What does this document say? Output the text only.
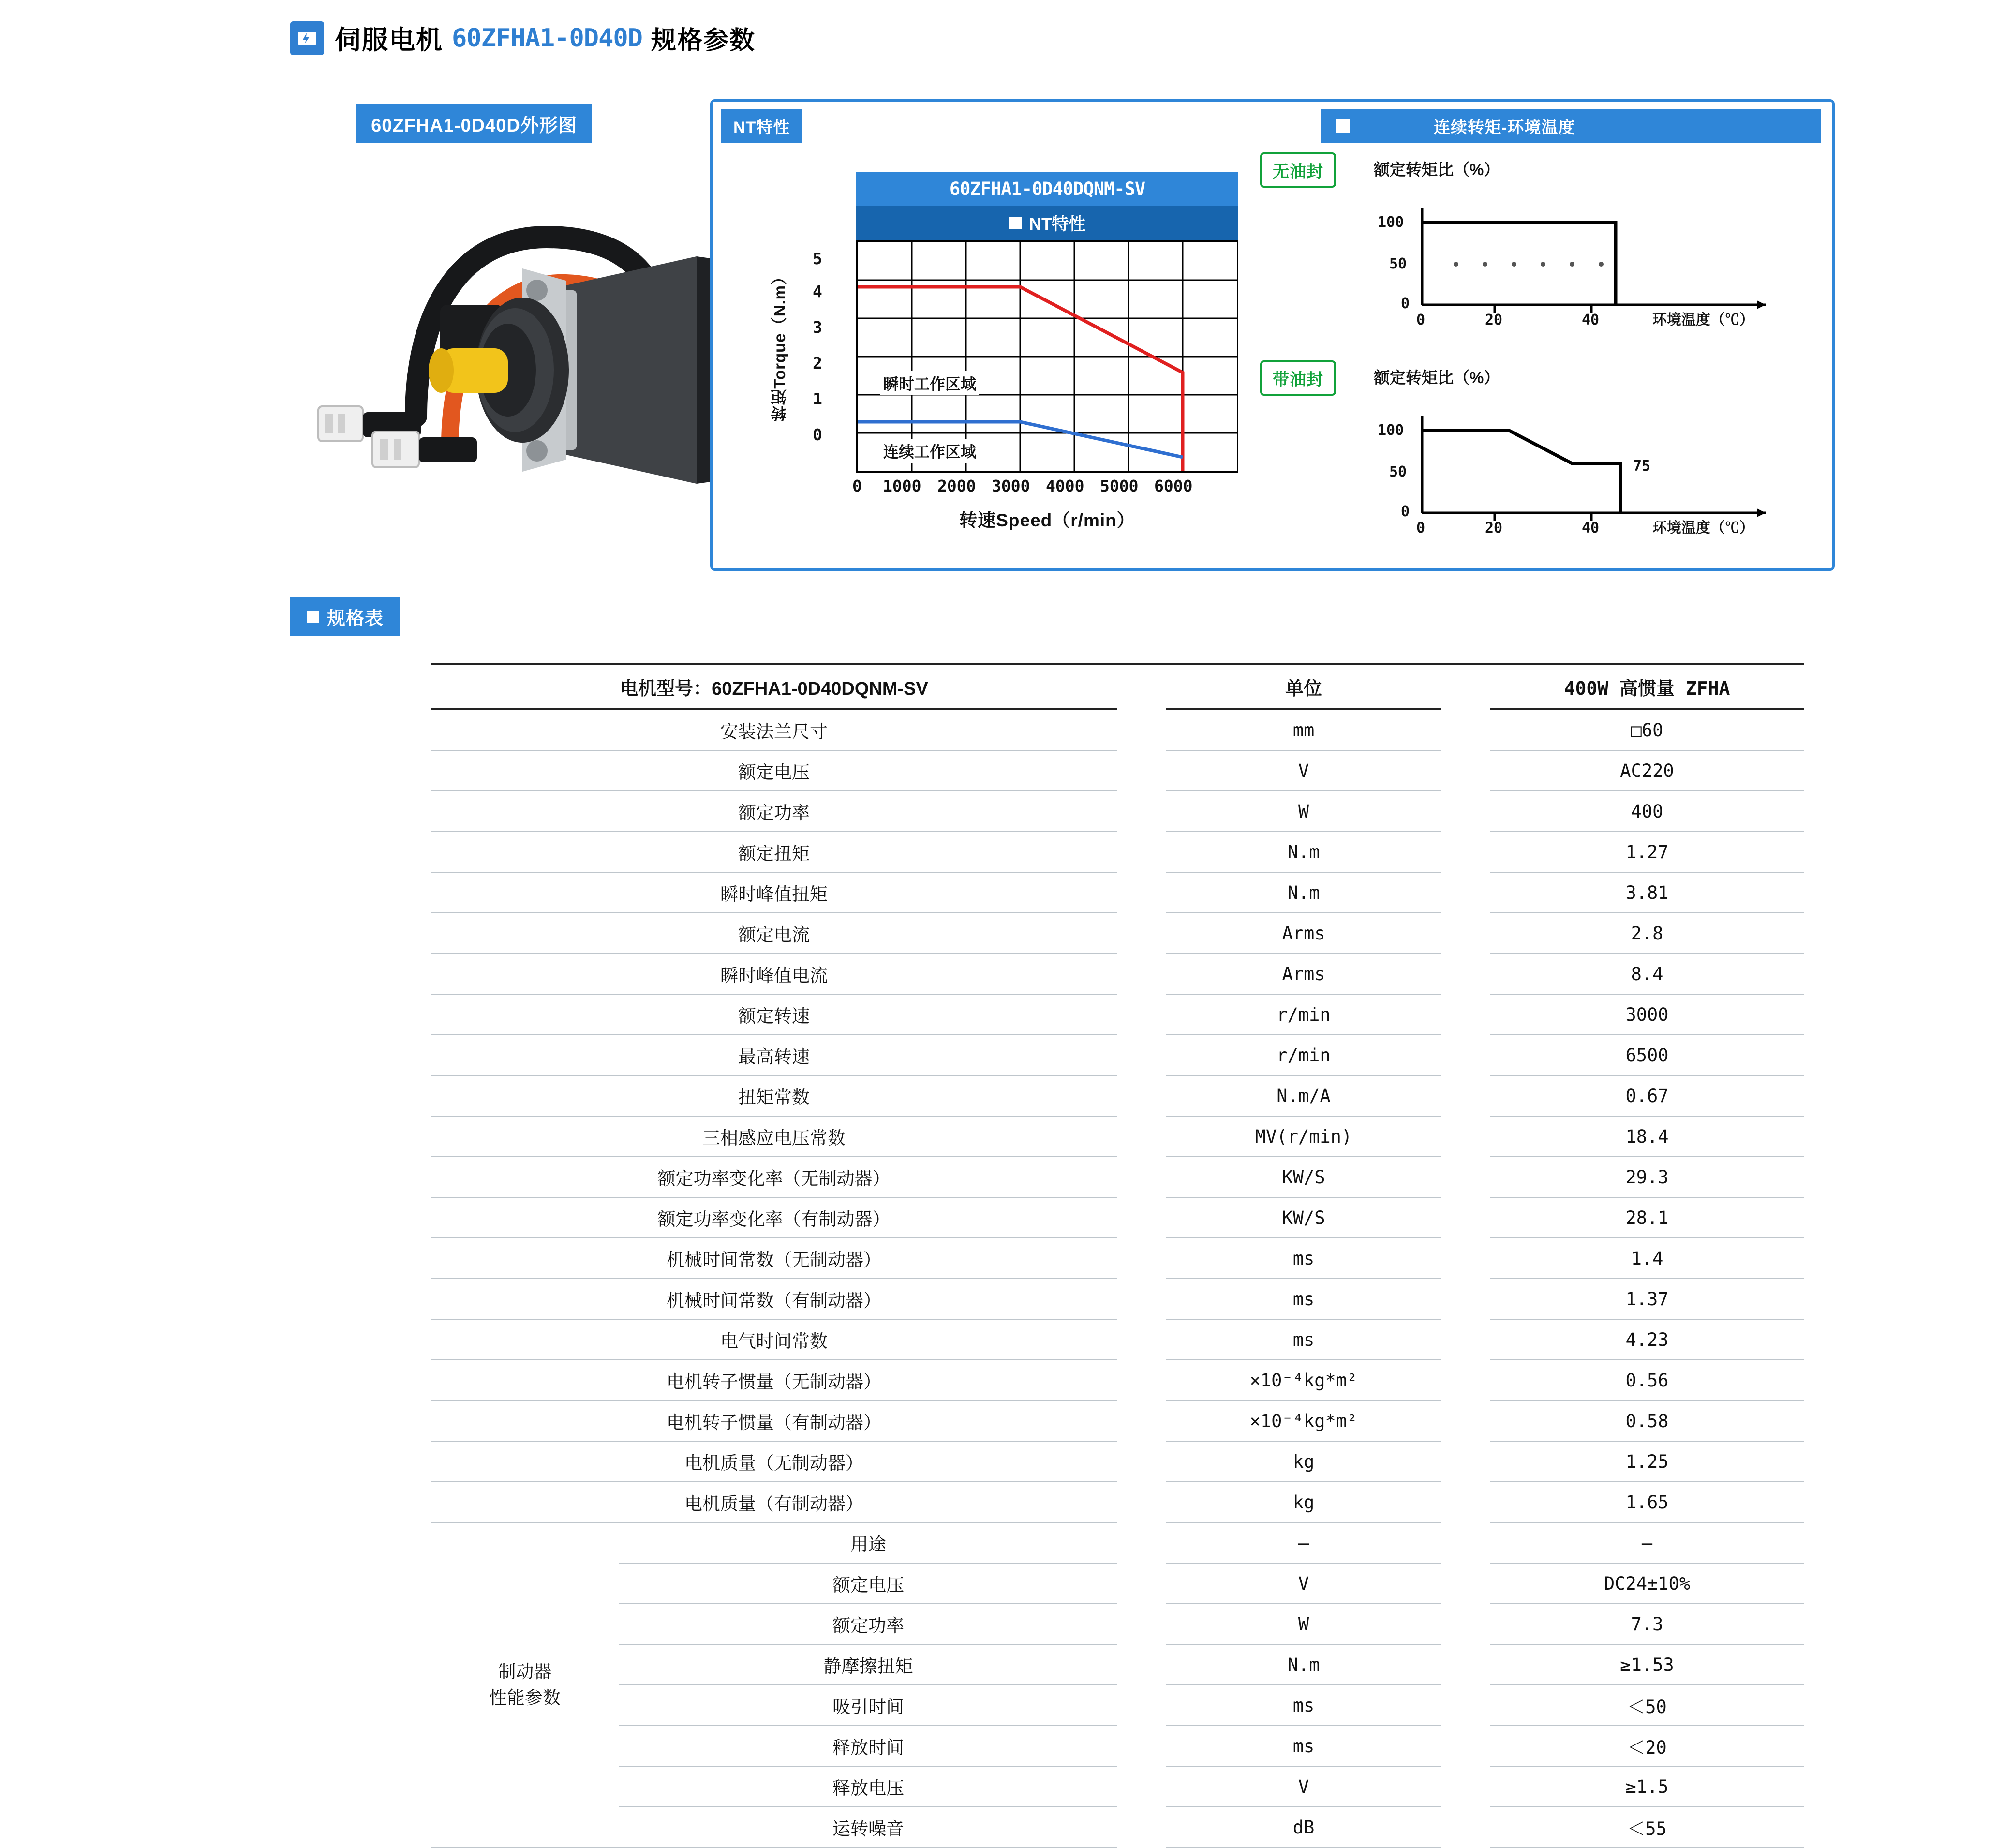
伺服电机 60ZFHA1-0D40D 规格参数
60ZFHA1-0D40D外形图	NT特性	连续转矩-环境温度
60ZFHA1-0D40DQNM-SV
NT特性
转矩Torque（N.m）
5
4
3
2
1
0
瞬时工作区域
连续工作区域
0 1000 2000 3000 4000 5000 6000
转速Speed（r/min）
无油封	额定转矩比（%）
100
50
0
0	20	40	环境温度（℃）
带油封	额定转矩比（%）
100
50
0
75
0	20	40	环境温度（℃）
规格表
电机型号：60ZFHA1-0D40DQNM-SV			单位		400W 高惯量 ZFHA
安装法兰尺寸			mm		□60
额定电压			V		AC220
额定功率			W		400
额定扭矩			N.m		1.27
瞬时峰值扭矩			N.m		3.81
额定电流			Arms		2.8
瞬时峰值电流			Arms		8.4
额定转速			r/min		3000
最高转速			r/min		6500
扭矩常数			N.m/A		0.67
三相感应电压常数			MV(r/min)		18.4
额定功率变化率（无制动器）			KW/S		29.3
额定功率变化率（有制动器）			KW/S		28.1
机械时间常数（无制动器）			ms		1.4
机械时间常数（有制动器）			ms		1.37
电气时间常数			ms		4.23
电机转子惯量（无制动器）			×10⁻⁴kg*m²		0.56
电机转子惯量（有制动器）			×10⁻⁴kg*m²		0.58
电机质量（无制动器）			kg		1.25
电机质量（有制动器）			kg		1.65

制动器
性能参数	用途		—		—
	额定电压		V		DC24±10%
	额定功率		W		7.3
	静摩擦扭矩		N.m		≥1.53
	吸引时间		ms		＜50
	释放时间		ms		＜20
	释放电压		V		≥1.5
	运转噪音		dB		＜55
